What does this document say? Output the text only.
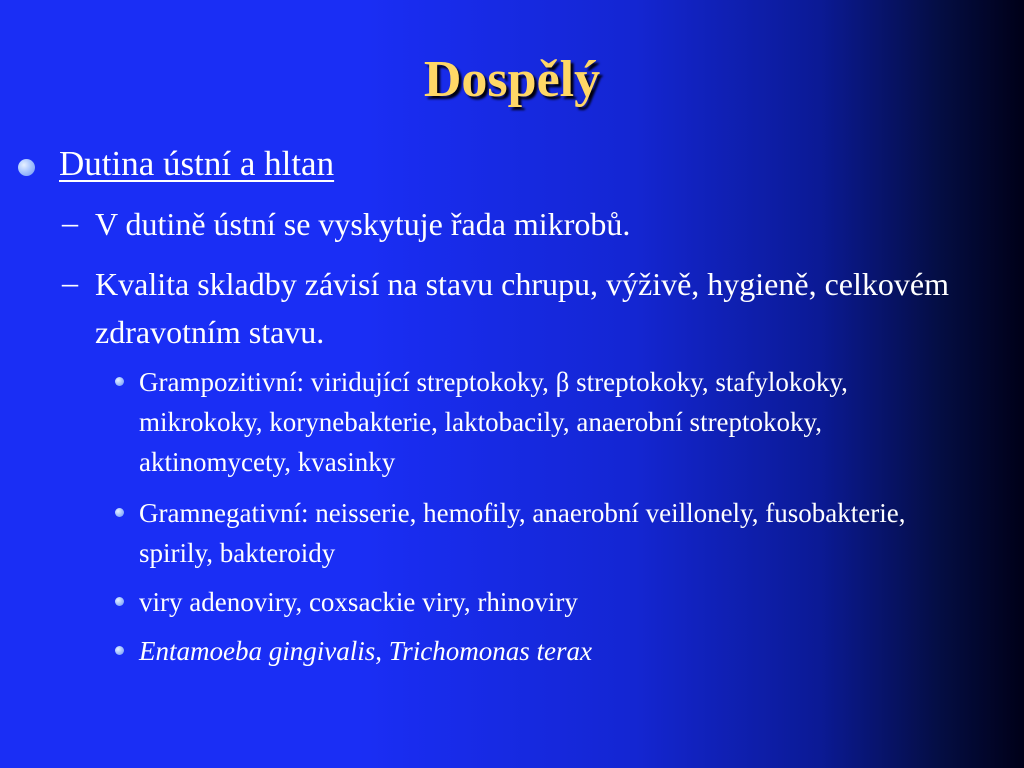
Dospělý
Dutina ústní a hltan
– V dutině ústní se vyskytuje řada mikrobů.
– Kvalita skladby závisí na stavu chrupu, výživě, hygieně, celkovém zdravotním stavu.
Grampozitivní: viridující streptokoky, β streptokoky, stafylokoky, mikrokoky, korynebakterie, laktobacily, anaerobní streptokoky, aktinomycety, kvasinky
Gramnegativní: neisserie, hemofily, anaerobní veillonely, fusobakterie, spirily, bakteroidy
viry adenoviry, coxsackie viry, rhinoviry
Entamoeba gingivalis, Trichomonas terax
